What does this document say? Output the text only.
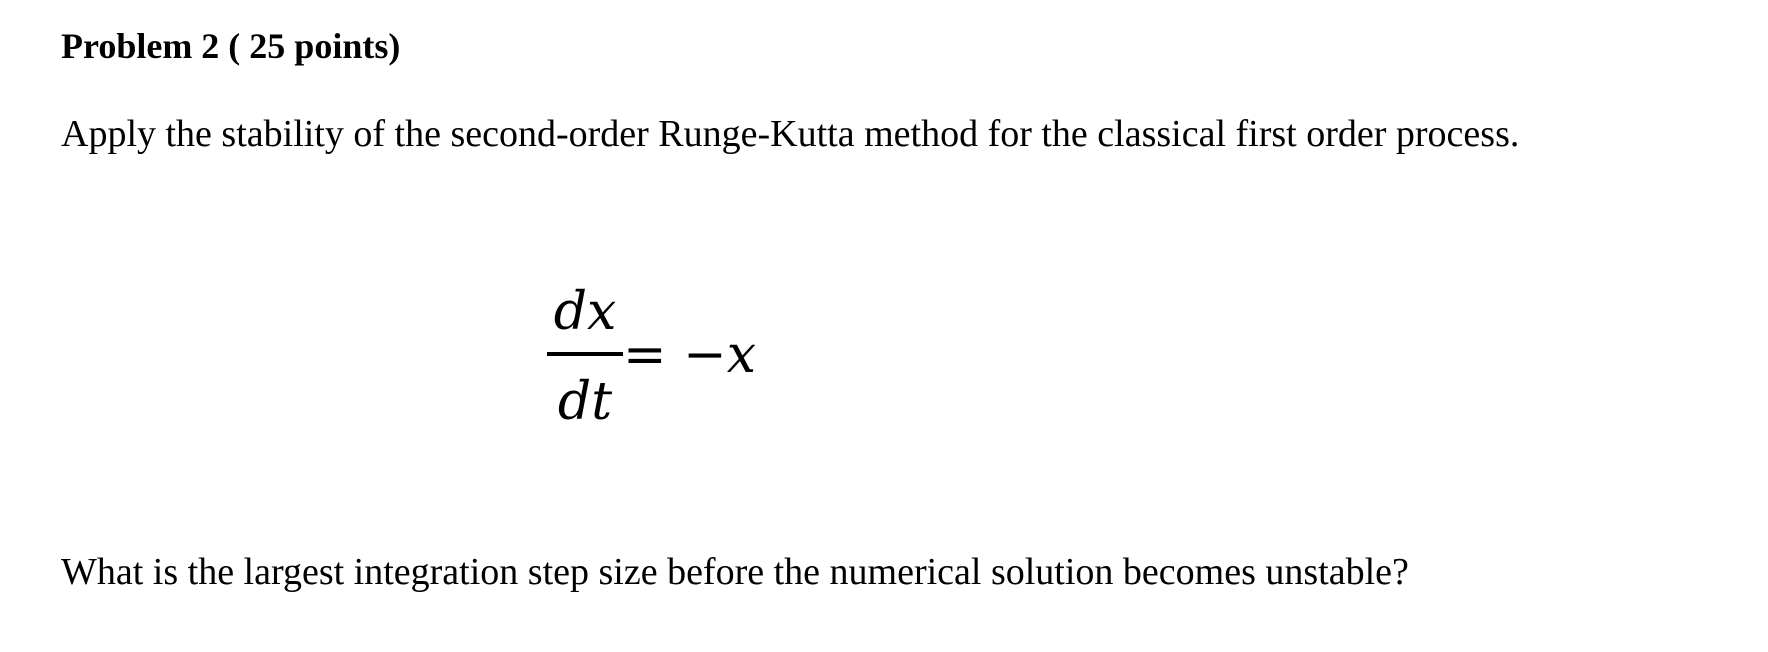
Problem 2 ( 25 points)
Apply the stability of the second-order Runge-Kutta method for the classical first order process.
dx
dt
= −x
What is the largest integration step size before the numerical solution becomes unstable?
